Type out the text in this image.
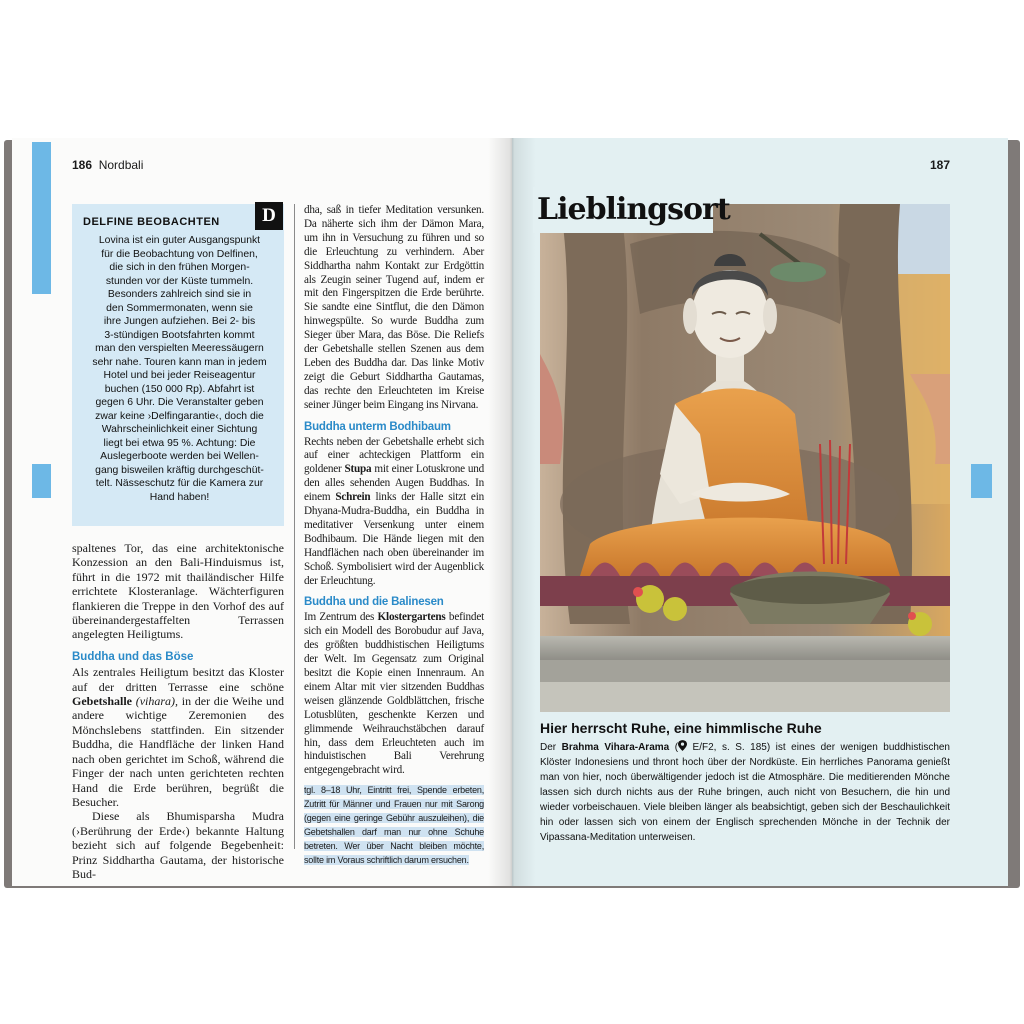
186 Nordbali
DELFINE BEOBACHTEN

Lovina ist ein guter Ausgangspunkt
für die Beobachtung von Delfinen,
die sich in den frühen Morgen-
stunden vor der Küste tummeln.
Besonders zahlreich sind sie in
den Sommermonaten, wenn sie
ihre Jungen aufziehen. Bei 2- bis
3-stündigen Bootsfahrten kommt
man den verspielten Meeressäugern
sehr nahe. Touren kann man in jedem
Hotel und bei jeder Reiseagentur
buchen (150 000 Rp). Abfahrt ist
gegen 6 Uhr. Die Veranstalter geben
zwar keine ›Delfingarantie‹, doch die
Wahrscheinlichkeit einer Sichtung
liegt bei etwa 95 %. Achtung: Die
Auslegerboote werden bei Wellen-
gang bisweilen kräftig durchgeschüt-
telt. Nässeschutz für die Kamera zur
Hand haben!

D

spaltenes Tor, das eine architektonische Konzession an den Bali-Hinduismus ist, führt in die 1972 mit thailändischer Hilfe errichtete Klosteranlage. Wächterfiguren flankieren die Treppe in den Vorhof des auf übereinandergestaffelten Terrassen angelegten Heiligtums.

Buddha und das Böse

Als zentrales Heiligtum besitzt das Kloster auf der dritten Terrasse eine schöne Gebetshalle (vihara), in der die Weihe und andere wichtige Zeremonien des Mönchslebens stattfinden. Ein sitzender Buddha, die Handfläche der linken Hand nach oben gerichtet im Schoß, während die Finger der nach unten gerichteten rechten Hand die Erde berühren, begrüßt die Besucher.

Diese als Bhumisparsha Mudra (›Berührung der Erde‹) bekannte Haltung bezieht sich auf folgende Begebenheit: Prinz Siddhartha Gautama, der historische Bud-

dha, saß in tiefer Meditation versunken. Da näherte sich ihm der Dämon Mara, um ihn in Versuchung zu führen und so die Erleuchtung zu verhindern. Aber Siddhartha nahm Kontakt zur Erdgöttin als Zeugin seiner Tugend auf, indem er mit den Fingerspitzen die Erde berührte. Sie sandte eine Sintflut, die den Dämon hinwegspülte. So wurde Buddha zum Sieger über Mara, das Böse. Die Reliefs der Gebetshalle stellen Szenen aus dem Leben des Buddha dar. Das linke Motiv zeigt die Geburt Siddhartha Gautamas, das rechte den Erleuchteten im Kreise seiner Jünger beim Eingang ins Nirvana.

Buddha unterm Bodhibaum

Rechts neben der Gebetshalle erhebt sich auf einer achteckigen Plattform ein goldener Stupa mit einer Lotuskrone und den alles sehenden Augen Buddhas. In einem Schrein links der Halle sitzt ein Dhyana-Mudra-Buddha, ein Buddha in meditativer Versenkung unter einem Bodhibaum. Die Hände liegen mit den Handflächen nach oben übereinander im Schoß. Symbolisiert wird der Augenblick der Erleuchtung.

Buddha und die Balinesen

Im Zentrum des Klostergartens befindet sich ein Modell des Borobudur auf Java, des größten buddhistischen Heiligtums der Welt. Im Gegensatz zum Original besitzt die Kopie einen Innenraum. An einem Altar mit vier sitzenden Buddhas weisen glänzende Goldblättchen, frische Lotusblüten, geschenkte Kerzen und glimmende Weihrauchstäbchen darauf hin, dass dem Erleuchteten auch im hinduistischen Bali Verehrung entgegengebracht wird.

tgl. 8–18 Uhr, Eintritt frei, Spende erbeten, Zutritt für Männer und Frauen nur mit Sarong (gegen eine geringe Gebühr auszuleihen), die Gebetshallen darf man nur ohne Schuhe betreten. Wer über Nacht bleiben möchte, sollte im Voraus schriftlich darum ersuchen.

187
Lieblingsort
Hier herrscht Ruhe, eine himmlische Ruhe
Der Brahma Vihara-Arama ( E/F2, s. S. 185) ist eines der wenigen buddhistischen Klöster Indonesiens und thront hoch über der Nordküste. Ein herrliches Panorama genießt man von hier, noch überwältigender jedoch ist die Atmosphäre. Die meditierenden Mönche lassen sich durch nichts aus der Ruhe bringen, auch nicht von Besuchern, die hin und wieder vorbeischauen. Viele bleiben länger als beabsichtigt, geben sich der Beschaulichkeit hin oder lassen sich von einem der Englisch sprechenden Mönche in der Technik der Vipassana-Meditation unterweisen.
